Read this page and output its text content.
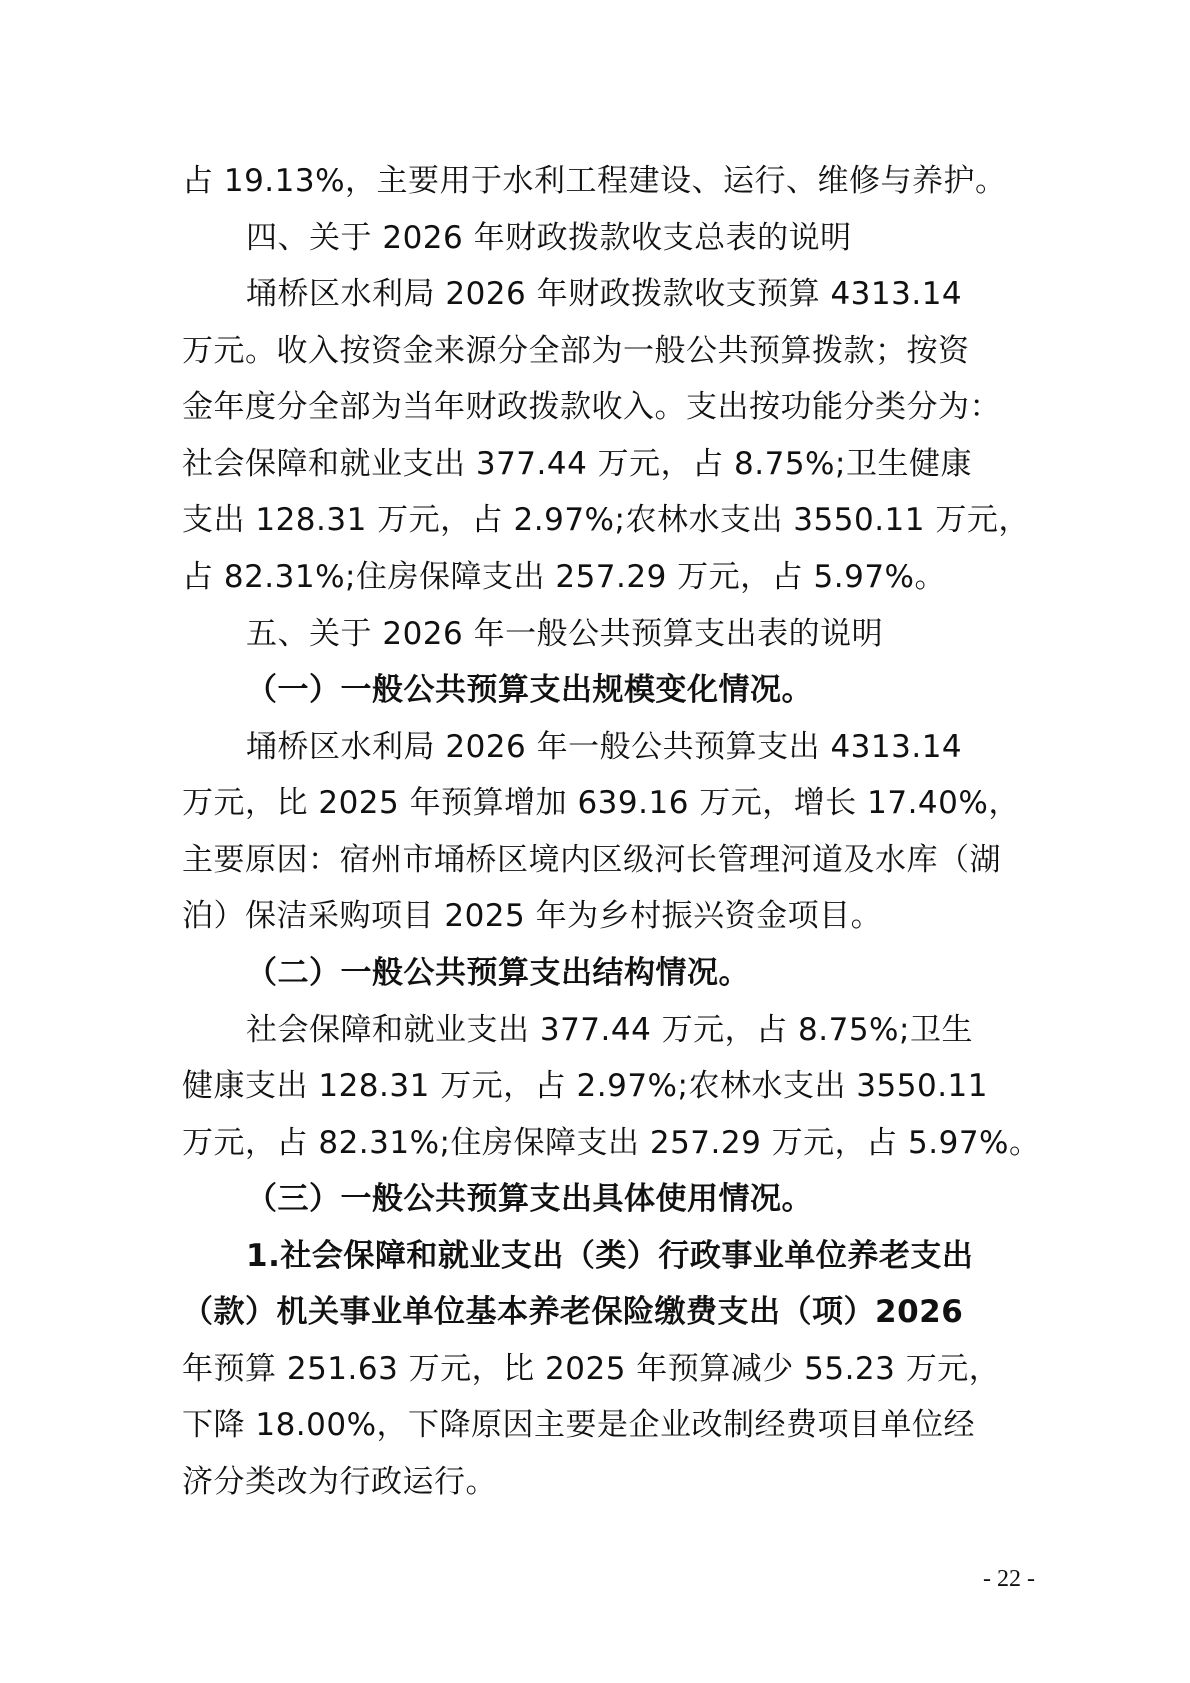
占 19.13%，主要用于水利工程建设、运行、维修与养护。
四、关于 2026 年财政拨款收支总表的说明
埇桥区水利局 2026 年财政拨款收支预算 4313.14
万元。收入按资金来源分全部为一般公共预算拨款；按资
金年度分全部为当年财政拨款收入。支出按功能分类分为：
社会保障和就业支出 377.44 万元，占 8.75%;卫生健康
支出 128.31 万元，占 2.97%;农林水支出 3550.11 万元，
占 82.31%;住房保障支出 257.29 万元，占 5.97%。
五、关于 2026 年一般公共预算支出表的说明
（一）一般公共预算支出规模变化情况。
埇桥区水利局 2026 年一般公共预算支出 4313.14
万元，比 2025 年预算增加 639.16 万元，增长 17.40%，
主要原因：宿州市埇桥区境内区级河长管理河道及水库（湖
泊）保洁采购项目 2025 年为乡村振兴资金项目。
（二）一般公共预算支出结构情况。
社会保障和就业支出 377.44 万元，占 8.75%;卫生
健康支出 128.31 万元，占 2.97%;农林水支出 3550.11
万元，占 82.31%;住房保障支出 257.29 万元，占 5.97%。
（三）一般公共预算支出具体使用情况。
1.社会保障和就业支出（类）行政事业单位养老支出
（款）机关事业单位基本养老保险缴费支出（项）2026
年预算 251.63 万元，比 2025 年预算减少 55.23 万元，
下降 18.00%，下降原因主要是企业改制经费项目单位经
济分类改为行政运行。
- 22 -
